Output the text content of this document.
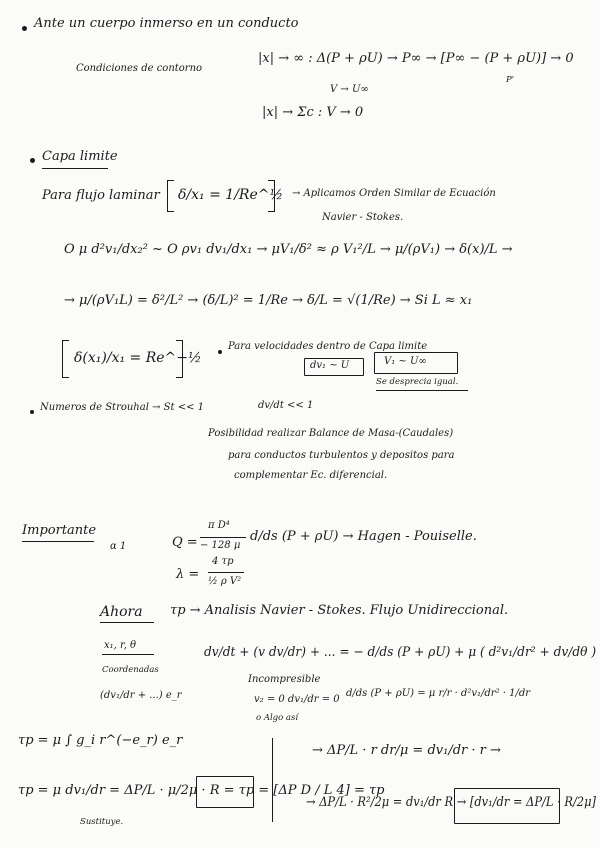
Ante un cuerpo inmerso en un conducto
Condiciones de contorno
|x| → ∞ : Δ(P + ρU) → P∞ → [P∞ − (P + ρU)] → 0
P'
V → U∞
|x| → Σc : V → 0
Capa limite
Para flujo laminar δ/x₁ = 1/Re^½ → Aplicamos Orden Similar de Ecuación
Navier - Stokes.
O μ d²v₁/dx₂² ~ O ρv₁ dv₁/dx₁ → μV₁/δ² ≈ ρ V₁²/L → μ/(ρV₁) → δ(x)/L →
→ μ/(ρV₁L) = δ²/L² → (δ/L)² = 1/Re → δ/L = √(1/Re) → Si L ≈ x₁
δ(x₁)/x₁ = Re^−½
Para velocidades dentro de Capa limite
dv₁ ~ U	V₁ ~ U∞
Se desprecia igual.
Numeros de Strouhal → St << 1	dv/dt << 1
Posibilidad realizar Balance de Masa-(Caudales)
para conductos turbulentos y depositos para
complementar Ec. diferencial.
Importante
α 1	Q =
π D⁴
− 128 μ
d/ds (P + ρU) → Hagen - Pouiselle.
λ =
4 τp
½ ρ V²
Ahora τp → Analisis Navier - Stokes. Flujo Unidireccional.
x₁, r, θ
Coordenadas
(dv₁/dr + ...) e_r
dv/dt + (v dv/dr) + ... = − d/ds (P + ρU) + μ ( d²v₁/dr² + dv/dθ )
Incompresible
v₂ = 0 dv₁/dr = 0
o Algo así
d/ds (P + ρU) = μ r/r · d²v₁/dr² · 1/dr
τp = μ ∫ g_i r^(−e_r) e_r
τp = μ dv₁/dr = ΔP/L · μ/2μ · R = τp = [ΔP D / L 4] = τp
Sustituye.
→ ΔP/L · r dr/μ = dv₁/dr · r →
→ ΔP/L · R²/2μ = dv₁/dr R → [dv₁/dr = ΔP/L · R/2μ]
